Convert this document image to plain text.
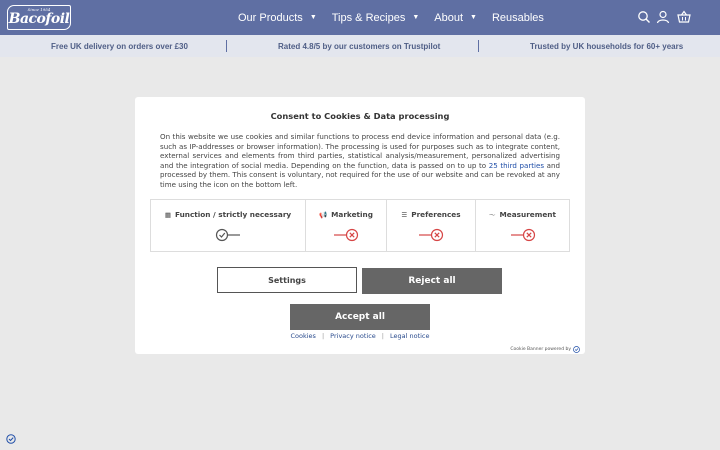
Since 1954
Bacofoil	Our Products ▼ Tips & Recipes ▼ About ▼ Reusables
Free UK delivery on orders over £30	Rated 4.8/5 by our customers on Trustpilot	Trusted by UK households for 60+ years
Consent to Cookies & Data processing
On this website we use cookies and similar functions to process end device information and personal data (e.g. such as IP-addresses or browser information). The processing is used for purposes such as to integrate content, external services and elements from third parties, statistical analysis/measurement, personalized advertising and the integration of social media. Depending on the function, data is passed on to up to 25 third parties and processed by them. This consent is voluntary, not required for the use of our website and can be revoked at any time using the icon on the bottom left.
▦ Function / strictly necessary	📢 Marketing	☰ Preferences	〜 Measurement
Settings	Reject all
Accept all
Cookies | Privacy notice | Legal notice
Cookie Banner powered by
